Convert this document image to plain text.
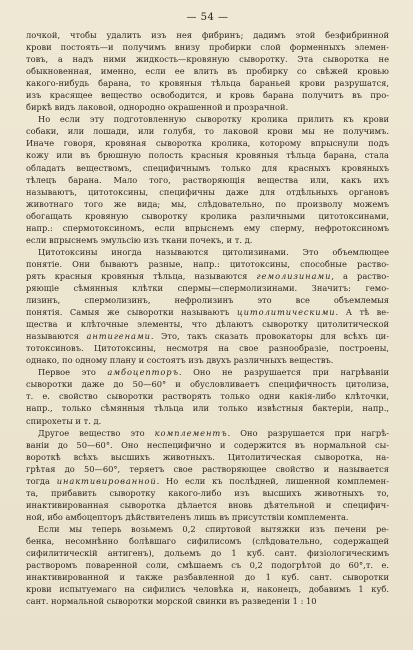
— 54 —
лочкой, чтобы удалить изъ нея фибринъ; дадимъ этой безфибринной
крови постоять—и получимъ внизу пробирки слой форменныхъ элемен-
товъ, а надъ ними жидкость—кровяную сыворотку. Эта сыворотка не
обыкновенная, именно, если ее влить въ пробирку со свѣжей кровью
какого-нибудь барана, то кровяныя тѣльца бараньей крови разрушатся,
изъ красящее вещество освободится, и кровь барана получитъ въ про-
биркѣ видъ лаковой, однородно окрашенной и прозрачной.
Но если эту подготовленную сыворотку кролика прилить къ крови
собаки, или лошади, или голубя, то лаковой крови мы не получимъ.
Иначе говоря, кровяная сыворотка кролика, которому впрыснули подъ
кожу или въ брюшную полость красныя кровяныя тѣльца барана, стала
обладать веществомъ, специфичнымъ только для красныхъ кровяныхъ
тѣлецъ барана. Мало того, растворяющія вещества или, какъ ихъ
называютъ, цитотоксины, специфичны даже для отдѣльныхъ органовъ
животнаго того же вида; мы, слѣдовательно, по произволу можемъ
обогащать кровяную сыворотку кролика различными цитотоксинами,
напр.: спермотоксиномъ, если впрыснемъ ему сперму, нефротоксиномъ
если впрыснемъ эмульсію изъ ткани почекъ, и т. д.
Цитотоксины иногда называются цитолизинами. Это объемлющее
понятіе. Они бываютъ разные, напр.: цитотоксины, способные раство-
рять красныя кровяныя тѣльца, называются гемолизинами, а раство-
ряющіе сѣмянныя клѣтки спермы—спермолизинами. Значитъ: гемо-
лизинъ, спермолизинъ, нефролизинъ это все объемлемыя
понятія. Самыя же сыворотки называютъ цитолитическими. А тѣ ве-
щества и клѣточные элементы, что дѣлаютъ сыворотку цитолитической
называются антигенами. Это, такъ сказать провокаторы для всѣхъ ци-
тотоксиновъ. Цитотоксины, несмотря на свое разнообразіе, построены,
однако, по одному плану и состоятъ изъ двухъ различныхъ веществъ.
Первое это амбоцепторъ. Оно не разрушается при нагрѣваніи
сыворотки даже до 50—60° и обусловливаетъ специфичность цитолиза,
т. е. свойство сыворотки растворять только одни какія-либо клѣточки,
напр., только сѣмянныя тѣльца или только извѣстныя бактеріи, напр.,
спирохеты и т. д.
Другое вещество это комплементъ. Оно разрушается при нагрѣ-
ваніи до 50—60°. Оно неспецифично и содержится въ нормальной сы-
вороткѣ всѣхъ высшихъ животныхъ. Цитолитическая сыворотка, на-
грѣтая до 50—60°, теряетъ свое растворяющее свойство и называется
тогда инактивированной. Но если къ послѣдней, лишенной комплемен-
та, прибавить сыворотку какого-либо изъ высшихъ животныхъ то,
инактивированная сыворотка дѣлается вновь дѣятельной и специфич-
ной, ибо амбоцепторъ дѣйствителенъ лишь въ присутствіи комплемента.
Если мы теперь возьмемъ 0,2 спиртовой вытяжки изъ печени ре-
бенка, несомнѣнно болѣвшаго сифилисомъ (слѣдовательно, содержащей
сифилитическій антигенъ), дольемъ до 1 куб. сант. физіологическимъ
растворомъ поваренной соли, смѣшаемъ съ 0,2 подогрѣтой до 60°,т. е.
инактивированной и также разбавленной до 1 куб. сант. сыворотки
крови испытуемаго на сифилисъ человѣка и, наконецъ, добавимъ 1 куб.
сант. нормальной сыворотки морской свинки въ разведеніи 1 : 10
